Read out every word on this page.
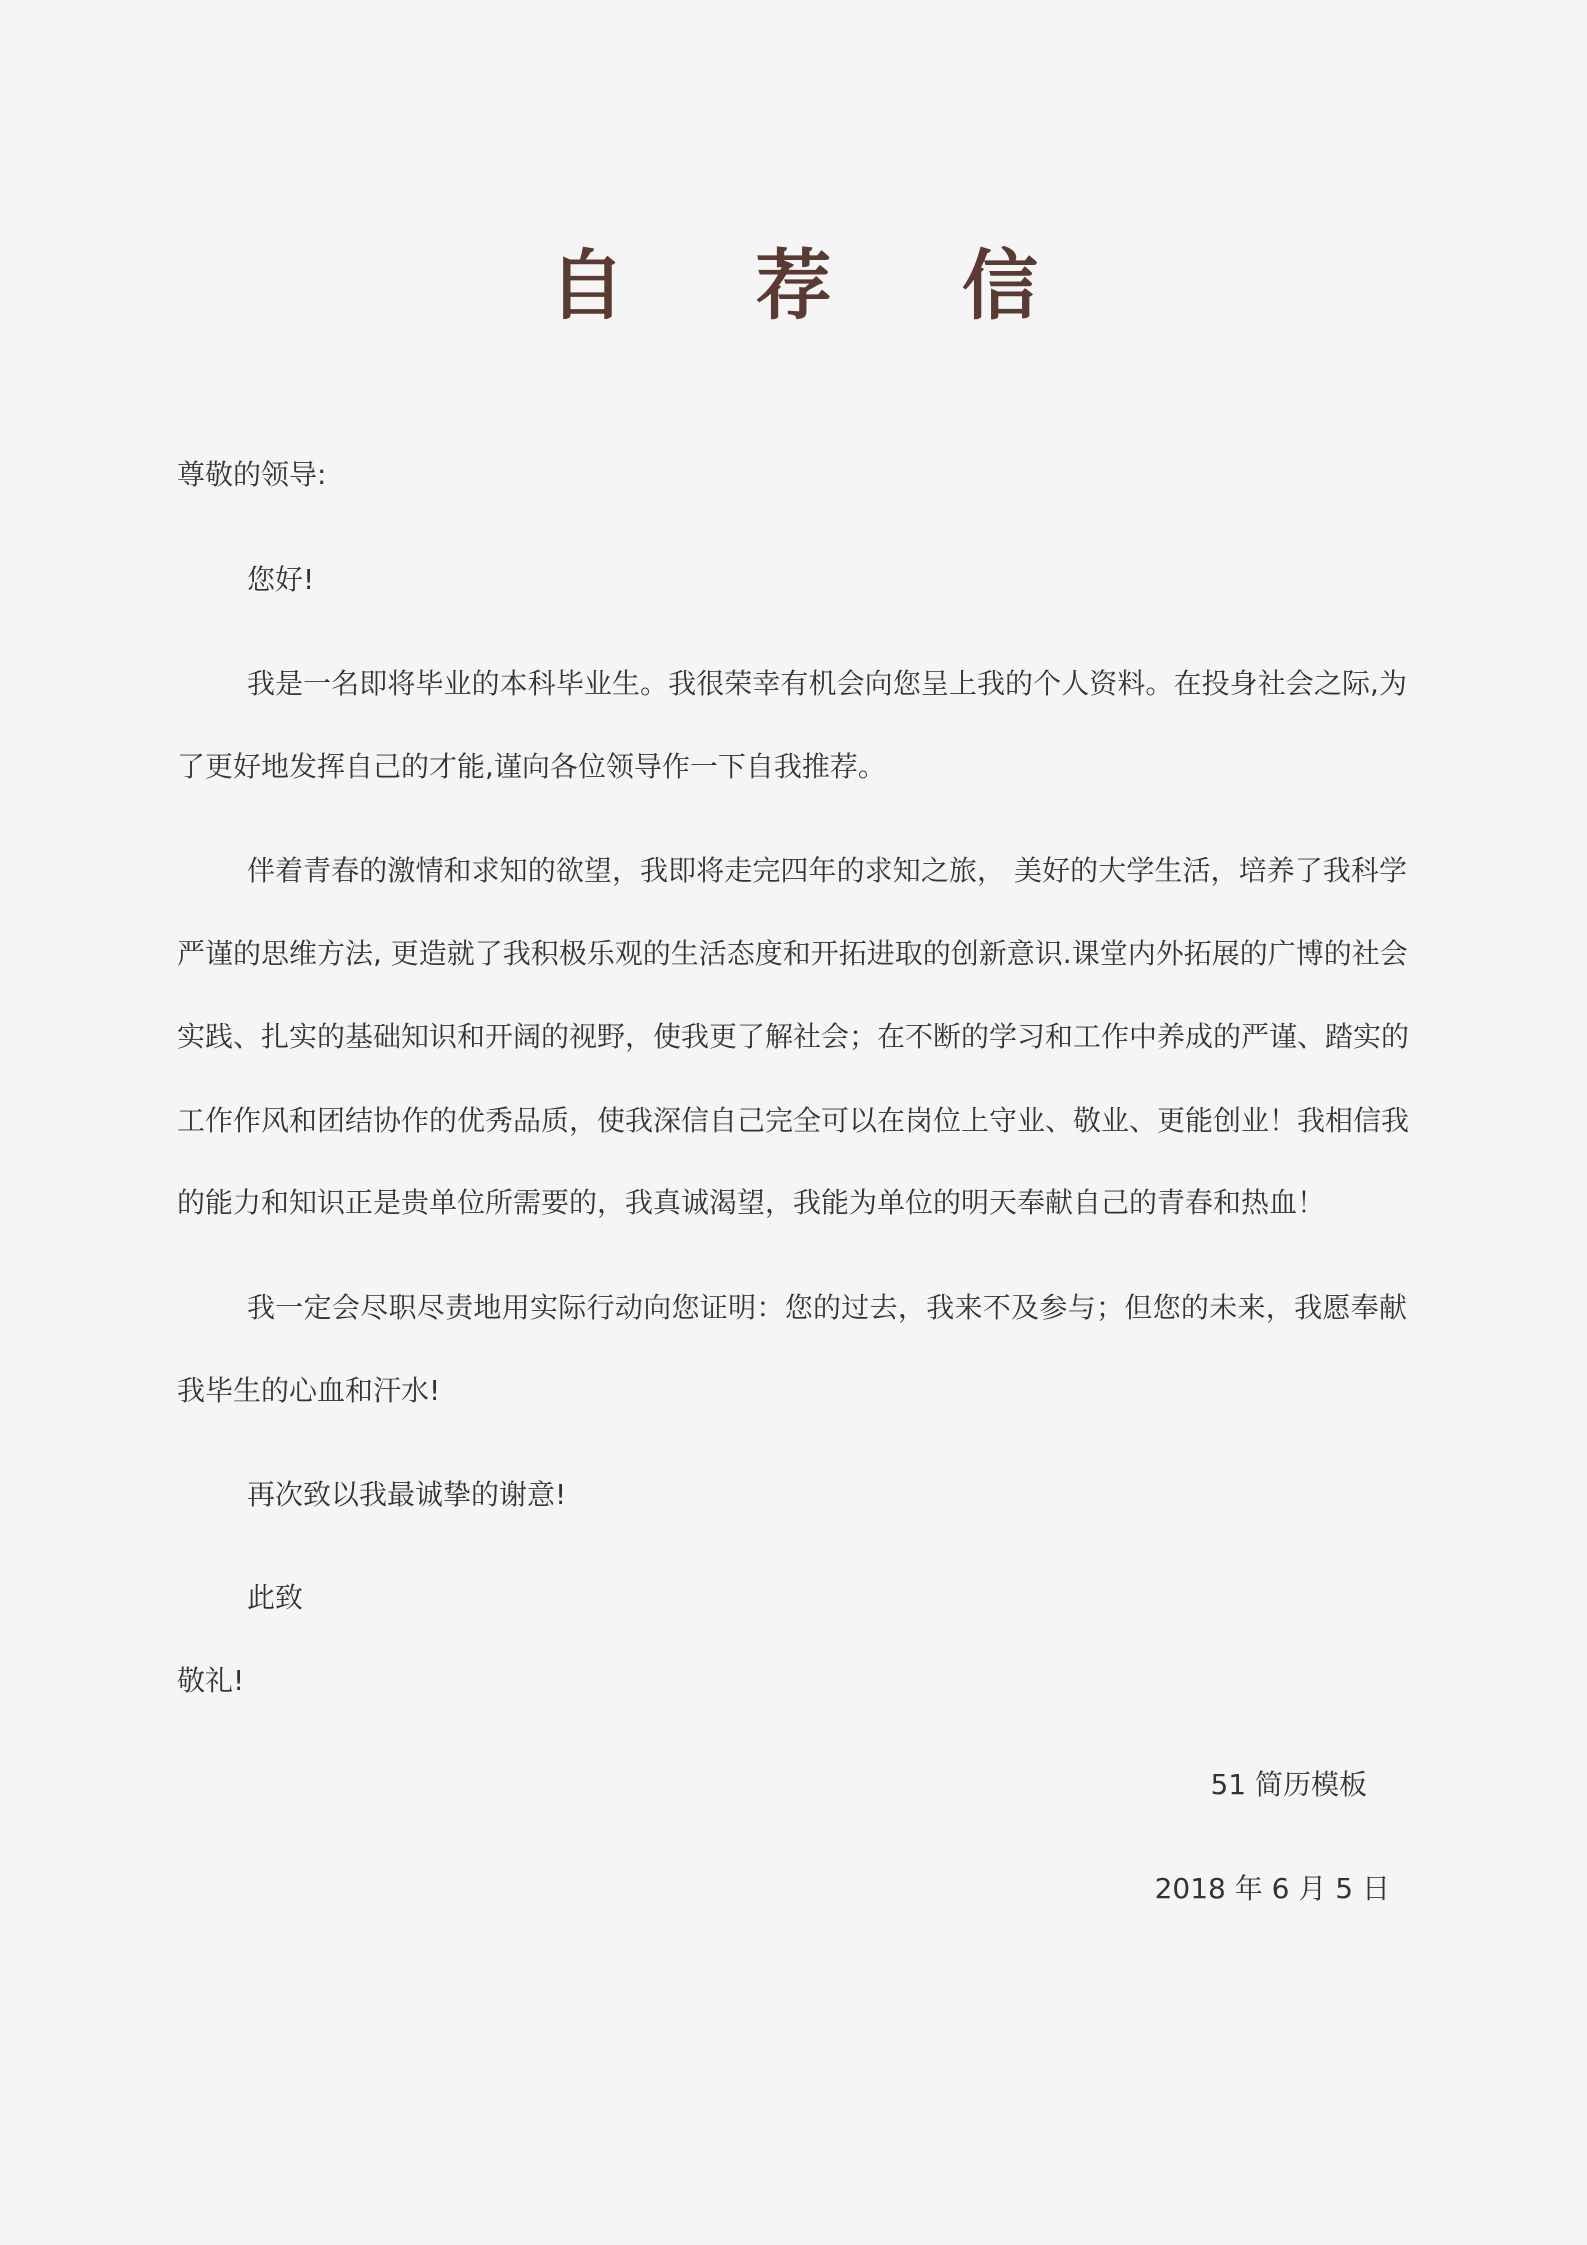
自 荐 信
尊敬的领导:
您好!
我是一名即将毕业的本科毕业生。我很荣幸有机会向您呈上我的个人资料。在投身社会之际,为
了更好地发挥自己的才能,谨向各位领导作一下自我推荐。
伴着青春的激情和求知的欲望，我即将走完四年的求知之旅， 美好的大学生活，培养了我科学
严谨的思维方法, 更造就了我积极乐观的生活态度和开拓进取的创新意识.课堂内外拓展的广博的社会
实践、扎实的基础知识和开阔的视野，使我更了解社会；在不断的学习和工作中养成的严谨、踏实的
工作作风和团结协作的优秀品质，使我深信自己完全可以在岗位上守业、敬业、更能创业！我相信我
的能力和知识正是贵单位所需要的，我真诚渴望，我能为单位的明天奉献自己的青春和热血！
我一定会尽职尽责地用实际行动向您证明：您的过去，我来不及参与；但您的未来，我愿奉献
我毕生的心血和汗水!
再次致以我最诚挚的谢意!
此致
敬礼!
51 简历模板
2018 年 6 月 5 日
